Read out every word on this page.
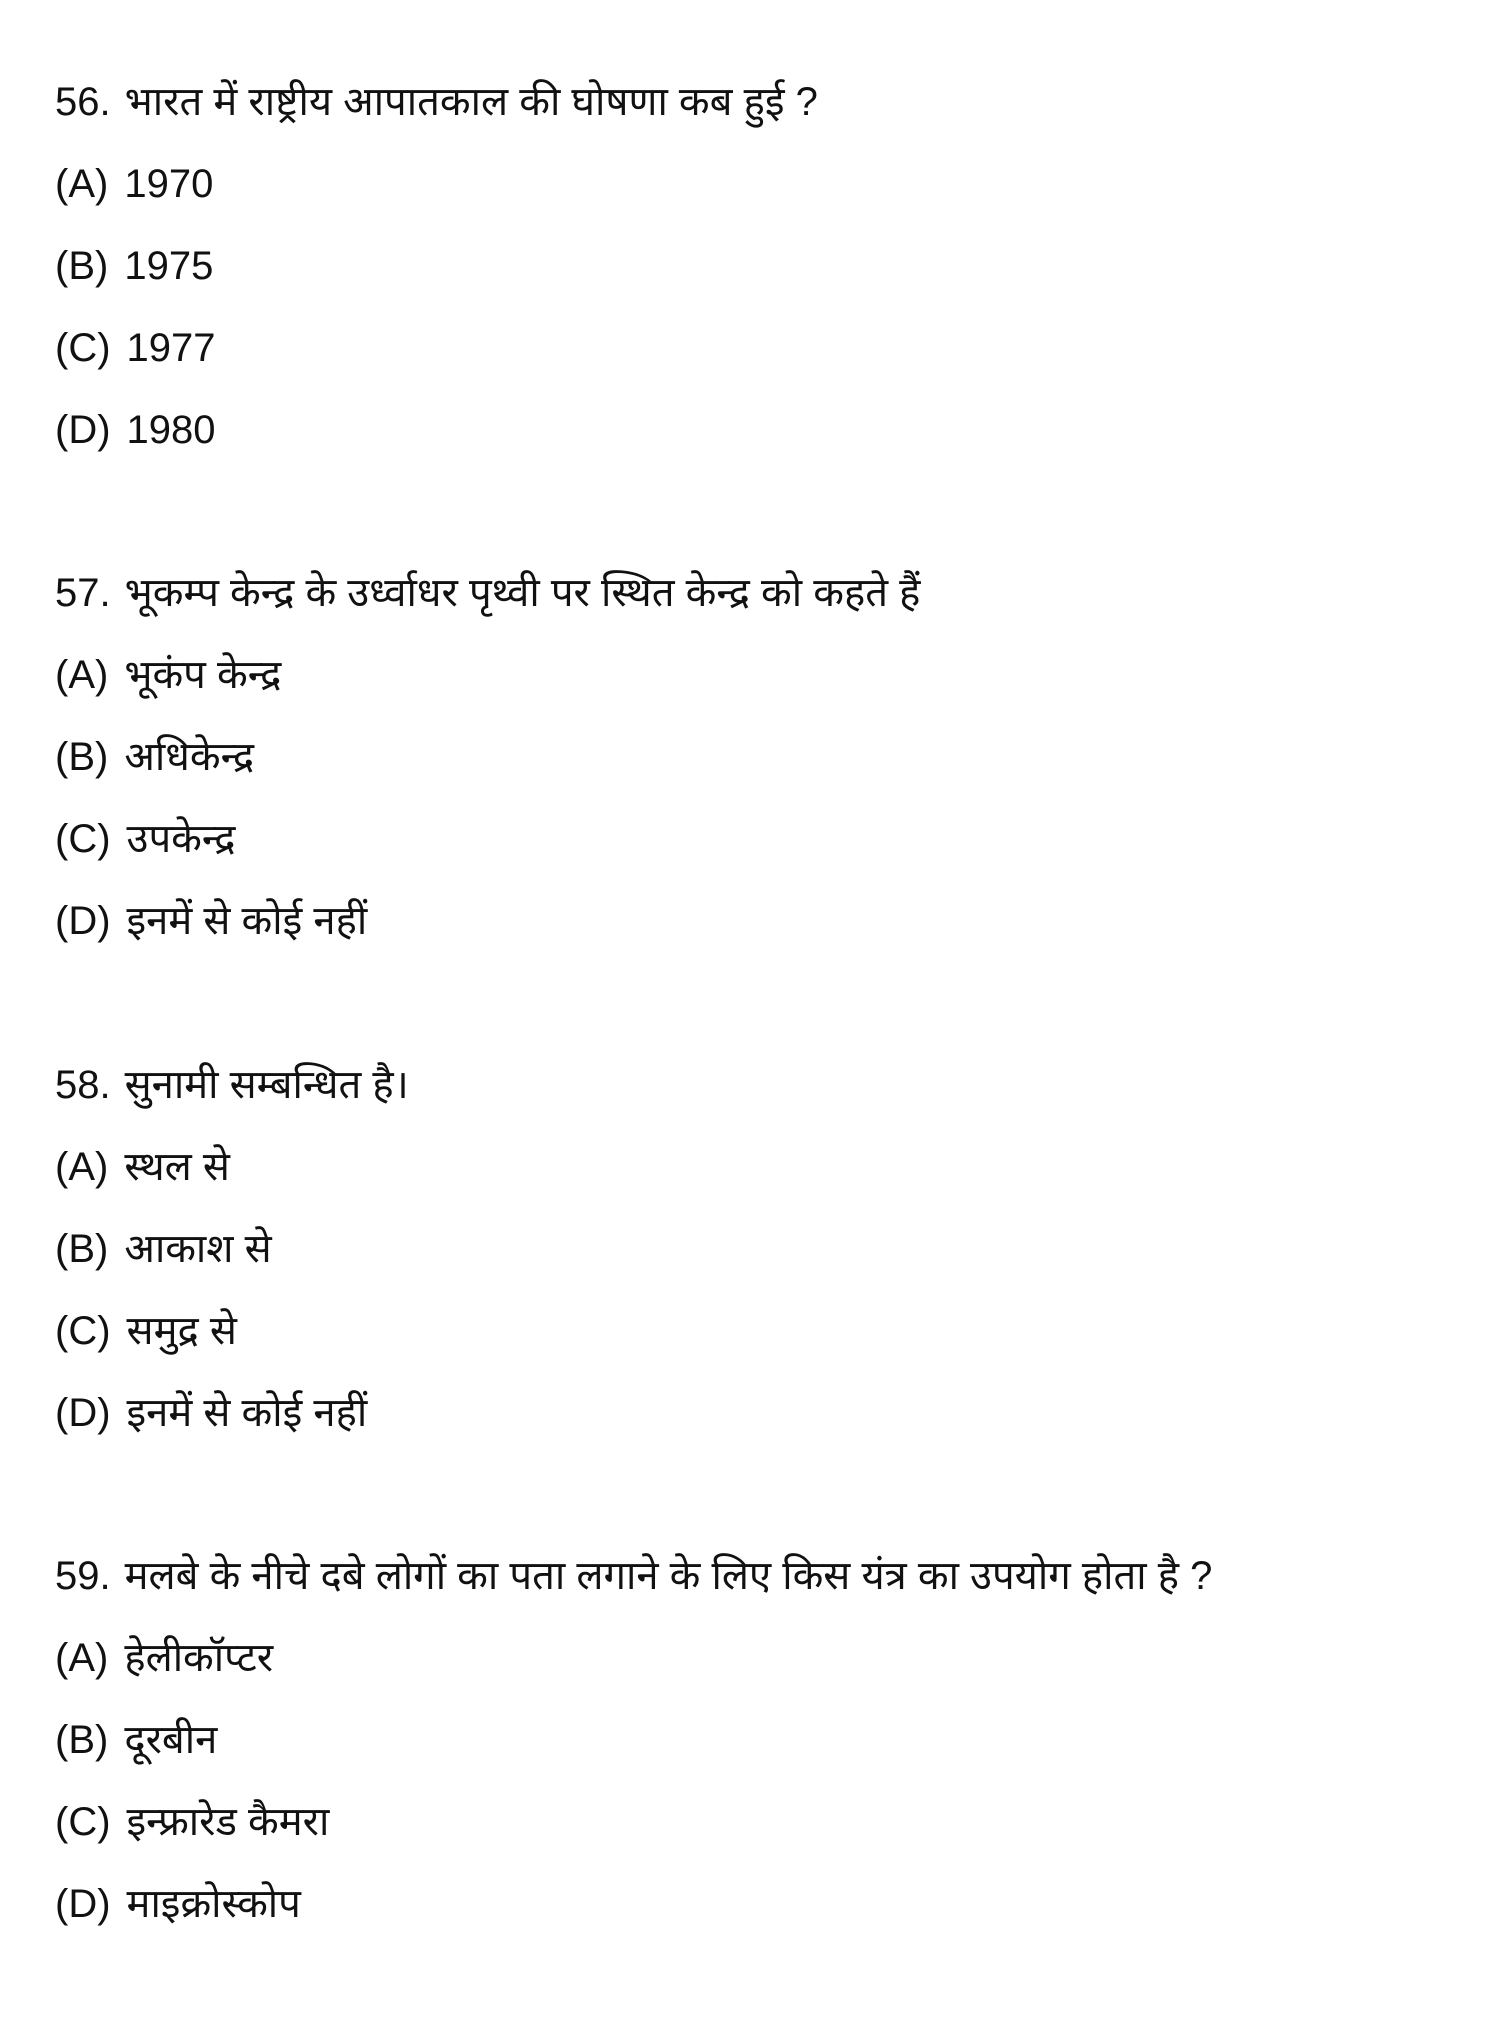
56. भारत में राष्ट्रीय आपातकाल की घोषणा कब हुई ?
(A) 1970
(B) 1975
(C) 1977
(D) 1980
57. भूकम्प केन्द्र के उर्ध्वाधर पृथ्वी पर स्थित केन्द्र को कहते हैं
(A) भूकंप केन्द्र
(B) अधिकेन्द्र
(C) उपकेन्द्र
(D) इनमें से कोई नहीं
58. सुनामी सम्बन्धित है।
(A) स्थल से
(B) आकाश से
(C) समुद्र से
(D) इनमें से कोई नहीं
59. मलबे के नीचे दबे लोगों का पता लगाने के लिए किस यंत्र का उपयोग होता है ?
(A) हेलीकॉप्टर
(B) दूरबीन
(C) इन्फ्रारेड कैमरा
(D) माइक्रोस्कोप
